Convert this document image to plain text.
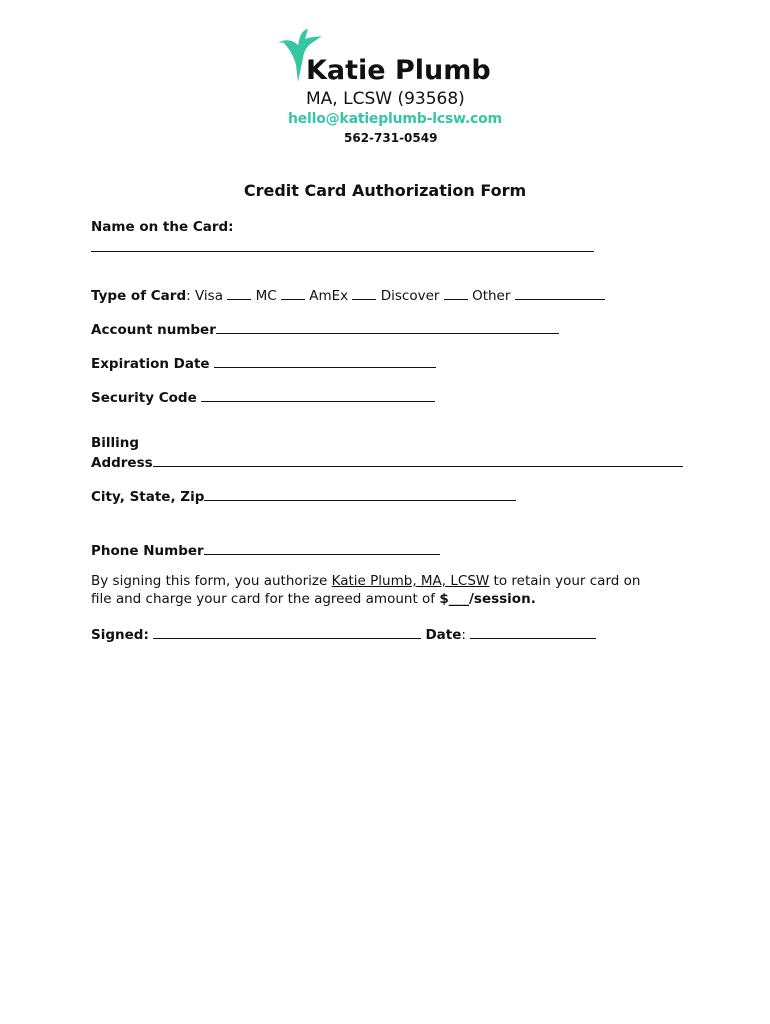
Katie Plumb
MA, LCSW (93568)
hello@katieplumb-lcsw.com
562-731-0549
Credit Card Authorization Form
Name on the Card:
Type of Card: Visa MC AmEx Discover Other
Account number
Expiration Date
Security Code
Billing
Address
City, State, Zip
Phone Number
By signing this form, you authorize Katie Plumb, MA, LCSW to retain your card on
file and charge your card for the agreed amount of $___/session.
Signed:	Date:
